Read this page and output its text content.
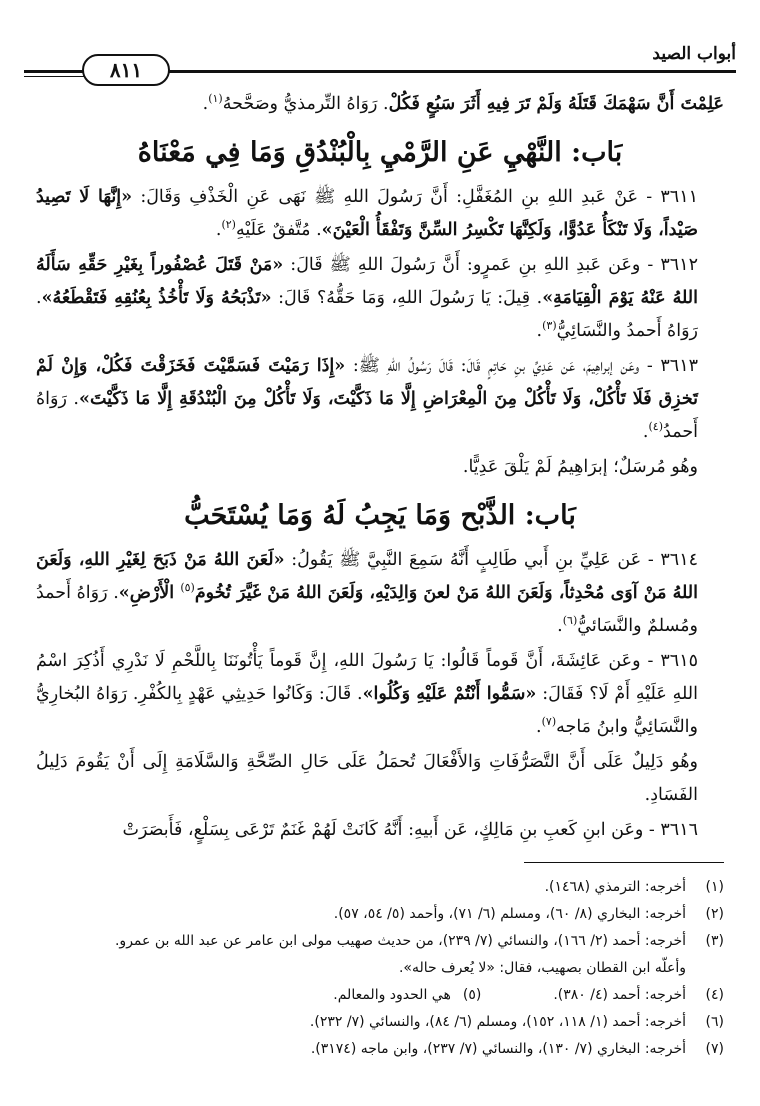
أبواب الصيد
٨١١

عَلِمْتَ أَنَّ سَهْمَكَ قَتَلَهُ وَلَمْ تَرَ فِيهِ أَثَرَ سَبُعٍ فَكُلْ. رَوَاهُ التِّرمذيُّ وصَحَّحهُ$^{(١)}$.

بَاب: النَّهْيِ عَنِ الرَّمْيِ بِالْبُنْدُقِ وَمَا فِي مَعْنَاهُ

٣٦١١ - عَنْ عَبدِ اللهِ بنِ المُغَفَّلِ: أَنَّ رَسُولَ اللهِ ﷺ نَهَى عَنِ الْخَذْفِ وَقَالَ: «إِنَّهَا لَا تَصِيدُ صَيْداً، وَلَا تَنْكَأُ عَدُوًّا، وَلَكِنَّهَا تَكْسِرُ السِّنَّ وَتَفْقَأُ الْعَيْنَ». مُتَّفقٌ عَلَيْهِ$^{(٢)}$.

٣٦١٢ - وعَن عَبدِ اللهِ بنِ عَمرٍو: أَنَّ رَسُولَ اللهِ ﷺ قَالَ: «مَنْ قَتَلَ عُصْفُوراً بِغَيْرِ حَقِّهِ سَأَلَهُ اللهُ عَنْهُ يَوْمَ الْقِيَامَةِ». قِيلَ: يَا رَسُولَ اللهِ، وَمَا حَقُّهُ؟ قَالَ: «تَذْبَحُهُ وَلَا تَأْخُذُ بِعُنُقِهِ فَتَقْطَعُهُ». رَوَاهُ أَحمدُ والنَّسَائِيُّ$^{(٣)}$.

٣٦١٣ - وعَن إبراهِيمَ، عَن عَدِيِّ بنِ حَاتِمٍ قَالَ: قَالَ رَسُولُ اللهِ ﷺ: «إِذَا رَمَيْتَ فَسَمَّيْتَ فَخَزَقْتَ فَكُلْ، وَإِنْ لَمْ تَخزِق فَلَا تَأْكُلْ، وَلَا تَأْكُلْ مِنَ الْمِعْرَاضِ إِلَّا مَا ذَكَّيْتَ، وَلَا تَأْكُلْ مِنَ الْبُنْدُقَةِ إِلَّا مَا ذَكَّيْتَ». رَوَاهُ أَحمدُ$^{(٤)}$.

وهُو مُرسَلٌ؛ إبرَاهِيمُ لَمْ يَلْقَ عَدِيًّا.

بَاب: الذَّبْح وَمَا يَجِبُ لَهُ وَمَا يُسْتَحَبُّ

٣٦١٤ - عَن عَلِيِّ بنِ أَبي طَالِبٍ أَنَّهُ سَمِعَ النَّبِيَّ ﷺ يَقُولُ: «لَعَنَ اللهُ مَنْ ذَبَحَ لِغَيْرِ اللهِ، وَلَعَنَ اللهُ مَنْ آوَى مُحْدِثاً، وَلَعَنَ اللهُ مَنْ لعنَ وَالِدَيْهِ، وَلَعَنَ اللهُ مَنْ غَيَّرَ تُخُومَ$^{(٥)}$ الْأَرْضِ». رَوَاهُ أَحمدُ ومُسلمٌ والنَّسَائيُّ$^{(٦)}$.

٣٦١٥ - وعَن عَائِشَةَ، أَنَّ قَوماً قَالُوا: يَا رَسُولَ اللهِ، إِنَّ قَوماً يَأْتُونَنَا بِاللَّحْمِ لَا نَدْرِي أَذُكِرَ اسْمُ اللهِ عَلَيْهِ أَمْ لَا؟ فَقَالَ: «سَمُّوا أَنْتُمْ عَلَيْهِ وَكُلُوا». قَالَ: وَكَانُوا حَدِيثِي عَهْدٍ بِالكُفْرِ. رَوَاهُ البُخارِيُّ والنَّسَائِيُّ وابنُ مَاجه$^{(٧)}$.

وهُو دَلِيلٌ عَلَى أَنَّ التَّصَرُّفَاتِ وَالأَفْعَالَ تُحمَلُ عَلَى حَالِ الصِّحَّةِ وَالسَّلَامَةِ إِلَى أَنْ يَقُومَ دَلِيلُ الفَسَادِ.

٣٦١٦ - وعَن ابنِ كَعبِ بنِ مَالِكٍ، عَن أَبيهِ: أَنَّهُ كَانَتْ لَهُمْ غَنَمٌ تَرْعَى بِسَلْعٍ، فَأَبصَرَتْ

(١)
أخرجه: الترمذي (١٤٦٨).
(٢)
أخرجه: البخاري (٨/ ٦٠)، ومسلم (٦/ ٧١)، وأحمد (٥/ ٥٤، ٥٧).
(٣)
أخرجه: أحمد (٢/ ١٦٦)، والنسائي (٧/ ٢٣٩)، من حديث صهيب مولى ابن عامر عن عبد الله بن عمرو.
وأعلّه ابن القطان بصهيب، فقال: «لا يُعرف حاله».
(٤)
أخرجه: أحمد (٤/ ٣٨٠).
(٥)
هي الحدود والمعالم.
(٦)
أخرجه: أحمد (١/ ١١٨، ١٥٢)، ومسلم (٦/ ٨٤)، والنسائي (٧/ ٢٣٢).
(٧)
أخرجه: البخاري (٧/ ١٣٠)، والنسائي (٧/ ٢٣٧)، وابن ماجه (٣١٧٤).
